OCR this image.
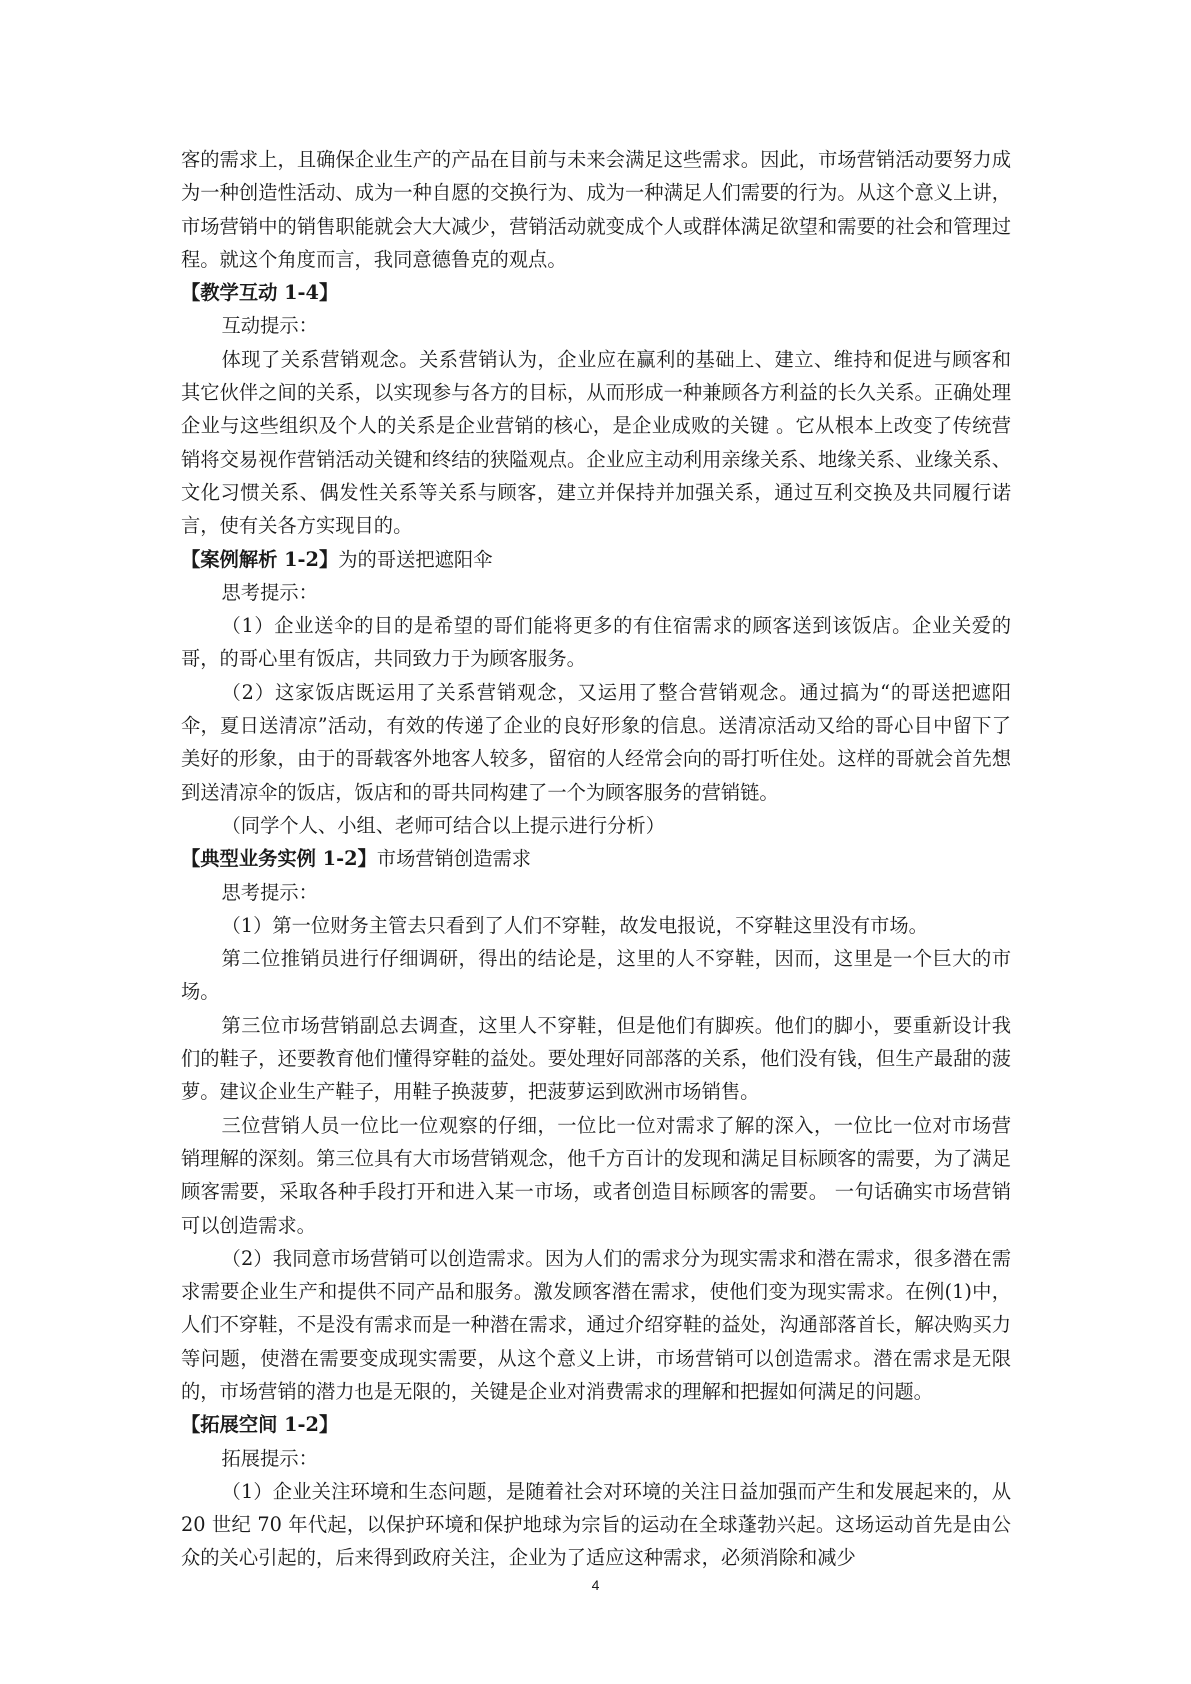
客的需求上，且确保企业生产的产品在目前与未来会满足这些需求。因此，市场营销活动要努力成为一种创造性活动、成为一种自愿的交换行为、成为一种满足人们需要的行为。从这个意义上讲，市场营销中的销售职能就会大大减少，营销活动就变成个人或群体满足欲望和需要的社会和管理过程。就这个角度而言，我同意德鲁克的观点。

【教学互动 1-4】

互动提示：

体现了关系营销观念。关系营销认为，企业应在赢利的基础上、建立、维持和促进与顾客和其它伙伴之间的关系，以实现参与各方的目标，从而形成一种兼顾各方利益的长久关系。正确处理企业与这些组织及个人的关系是企业营销的核心，是企业成败的关键 。它从根本上改变了传统营销将交易视作营销活动关键和终结的狭隘观点。企业应主动利用亲缘关系、地缘关系、业缘关系、文化习惯关系、偶发性关系等关系与顾客，建立并保持并加强关系，通过互利交换及共同履行诺言，使有关各方实现目的。

【案例解析 1-2】为的哥送把遮阳伞

思考提示：

（1）企业送伞的目的是希望的哥们能将更多的有住宿需求的顾客送到该饭店。企业关爱的哥，的哥心里有饭店，共同致力于为顾客服务。

（2）这家饭店既运用了关系营销观念，又运用了整合营销观念。通过搞为“的哥送把遮阳伞，夏日送清凉”活动，有效的传递了企业的良好形象的信息。送清凉活动又给的哥心目中留下了美好的形象，由于的哥载客外地客人较多，留宿的人经常会向的哥打听住处。这样的哥就会首先想到送清凉伞的饭店，饭店和的哥共同构建了一个为顾客服务的营销链。

（同学个人、小组、老师可结合以上提示进行分析）

【典型业务实例 1-2】市场营销创造需求

思考提示：

（1）第一位财务主管去只看到了人们不穿鞋，故发电报说，不穿鞋这里没有市场。

第二位推销员进行仔细调研，得出的结论是，这里的人不穿鞋，因而，这里是一个巨大的市场。

第三位市场营销副总去调查，这里人不穿鞋，但是他们有脚疾。他们的脚小，要重新设计我们的鞋子，还要教育他们懂得穿鞋的益处。要处理好同部落的关系，他们没有钱，但生产最甜的菠萝。建议企业生产鞋子，用鞋子换菠萝，把菠萝运到欧洲市场销售。

三位营销人员一位比一位观察的仔细，一位比一位对需求了解的深入，一位比一位对市场营销理解的深刻。第三位具有大市场营销观念，他千方百计的发现和满足目标顾客的需要，为了满足顾客需要，采取各种手段打开和进入某一市场，或者创造目标顾客的需要。 一句话确实市场营销可以创造需求。

（2）我同意市场营销可以创造需求。因为人们的需求分为现实需求和潜在需求，很多潜在需求需要企业生产和提供不同产品和服务。激发顾客潜在需求，使他们变为现实需求。在例(1)中，人们不穿鞋，不是没有需求而是一种潜在需求，通过介绍穿鞋的益处，沟通部落首长，解决购买力等问题，使潜在需要变成现实需要，从这个意义上讲，市场营销可以创造需求。潜在需求是无限的，市场营销的潜力也是无限的，关键是企业对消费需求的理解和把握如何满足的问题。

【拓展空间 1-2】

拓展提示：

（1）企业关注环境和生态问题，是随着社会对环境的关注日益加强而产生和发展起来的，从 20 世纪 70 年代起，以保护环境和保护地球为宗旨的运动在全球蓬勃兴起。这场运动首先是由公众的关心引起的，后来得到政府关注，企业为了适应这种需求，必须消除和减少

4
